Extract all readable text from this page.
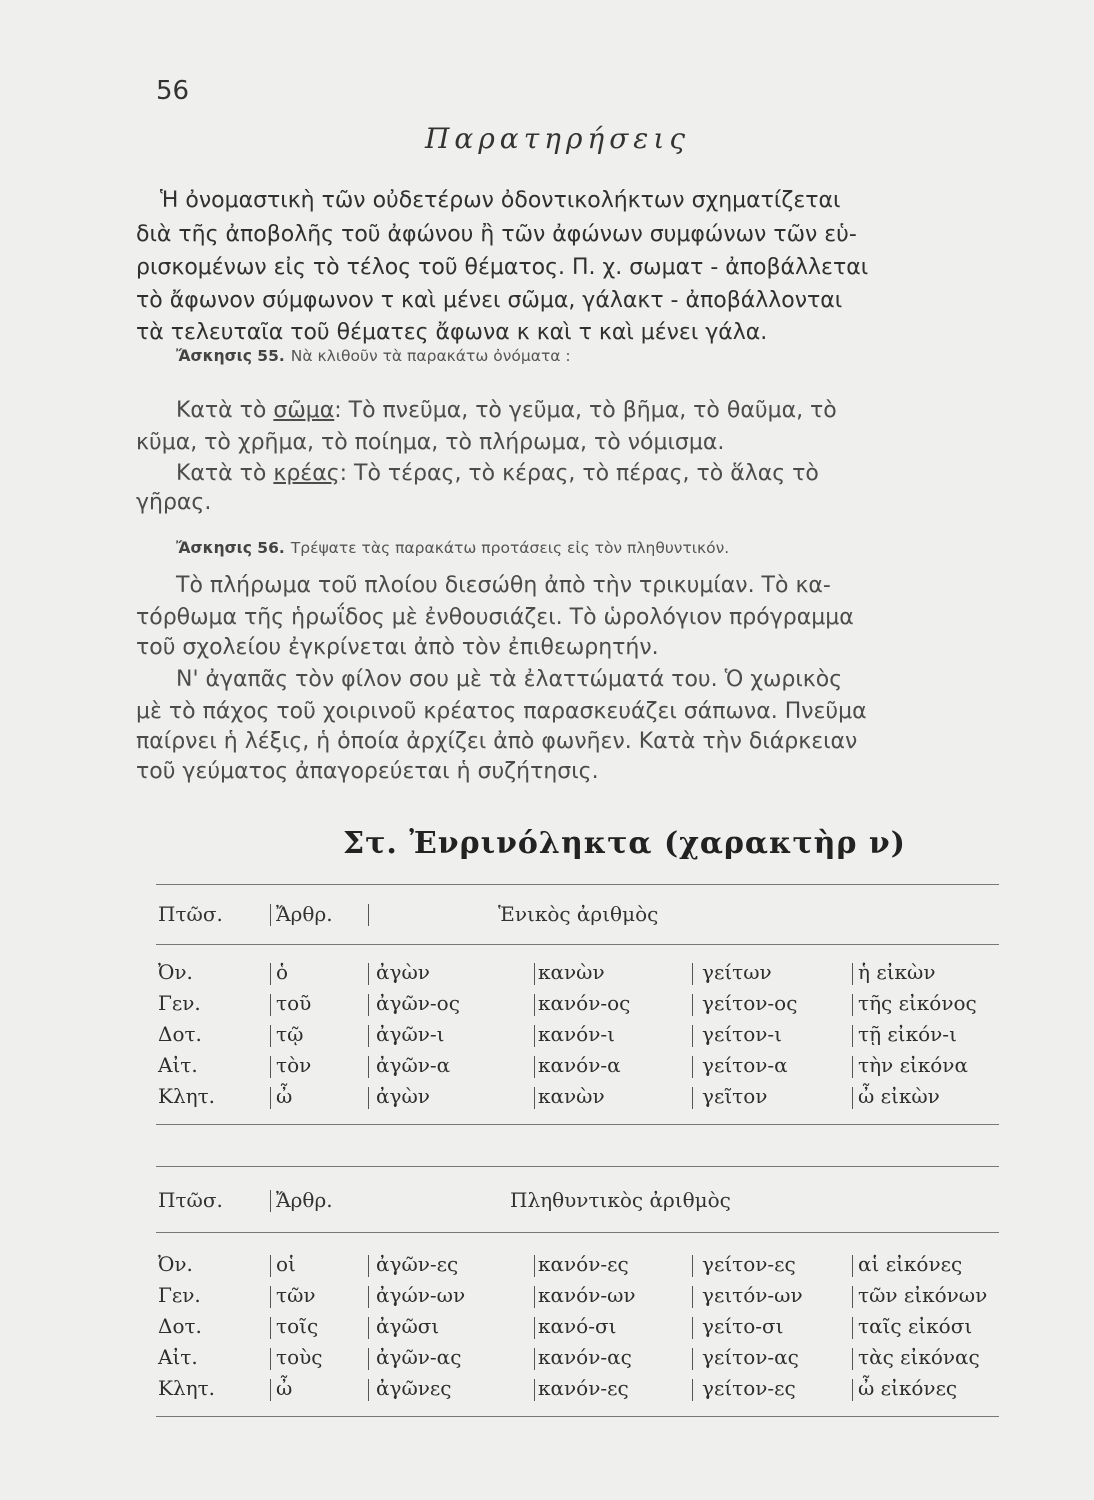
56
Παρατηρήσεις
Ἡ ὀνομαστικὴ τῶν οὐδετέρων ὀδοντικολήκτων σχηματίζεται
διὰ τῆς ἀποβολῆς τοῦ ἀφώνου ἢ τῶν ἀφώνων συμφώνων τῶν εὑ-
ρισκομένων εἰς τὸ τέλος τοῦ θέματος. Π. χ. σωματ - ἀποβάλλεται
τὸ ἄφωνον σύμφωνον τ καὶ μένει σῶμα, γάλακτ - ἀποβάλλονται
τὰ τελευταῖα τοῦ θέματες ἄφωνα κ καὶ τ καὶ μένει γάλα.
Ἄσκησις 55. Νὰ κλιθοῦν τὰ παρακάτω ὀνόματα :
Κατὰ τὸ σῶμα: Τὸ πνεῦμα, τὸ γεῦμα, τὸ βῆμα, τὸ θαῦμα, τὸ
κῦμα, τὸ χρῆμα, τὸ ποίημα, τὸ πλήρωμα, τὸ νόμισμα.
Κατὰ τὸ κρέας: Τὸ τέρας, τὸ κέρας, τὸ πέρας, τὸ ἅλας τὸ
γῆρας.
Ἄσκησις 56. Τρέψατε τὰς παρακάτω προτάσεις εἰς τὸν πληθυντικόν.
Τὸ πλήρωμα τοῦ πλοίου διεσώθη ἀπὸ τὴν τρικυμίαν. Τὸ κα-
τόρθωμα τῆς ἡρωΐδος μὲ ἐνθουσιάζει. Τὸ ὡρολόγιον πρόγραμμα
τοῦ σχολείου ἐγκρίνεται ἀπὸ τὸν ἐπιθεωρητήν.
Ν' ἀγαπᾶς τὸν φίλον σου μὲ τὰ ἐλαττώματά του. Ὁ χωρικὸς
μὲ τὸ πάχος τοῦ χοιρινοῦ κρέατος παρασκευάζει σάπωνα. Πνεῦμα
παίρνει ἡ λέξις, ἡ ὁποία ἀρχίζει ἀπὸ φωνῆεν. Κατὰ τὴν διάρκειαν
τοῦ γεύματος ἀπαγορεύεται ἡ συζήτησις.
Στ. Ἐνρινόληκτα (χαρακτὴρ ν)
Πτῶσ.	Ἄρθρ.	Ἑνικὸς ἀριθμὸς
Ὀν.	ὁ	ἀγὼν	κανὼν	γείτων	ἡ εἰκὼν
Γεν.	τοῦ	ἀγῶν-ος	κανόν-ος	γείτον-ος	τῆς εἰκόνος
Δοτ.	τῷ	ἀγῶν-ι	κανόν-ι	γείτον-ι	τῇ εἰκόν-ι
Αἰτ.	τὸν	ἀγῶν-α	κανόν-α	γείτον-α	τὴν εἰκόνα
Κλητ.	ὦ	ἀγὼν	κανὼν	γεῖτον	ὦ εἰκὼν
Πτῶσ.	Ἄρθρ.	Πληθυντικὸς ἀριθμὸς
Ὀν.	οἱ	ἀγῶν-ες	κανόν-ες	γείτον-ες	αἱ εἰκόνες
Γεν.	τῶν	ἀγών-ων	κανόν-ων	γειτόν-ων	τῶν εἰκόνων
Δοτ.	τοῖς	ἀγῶσι	κανό-σι	γείτο-σι	ταῖς εἰκόσι
Αἰτ.	τοὺς	ἀγῶν-ας	κανόν-ας	γείτον-ας	τὰς εἰκόνας
Κλητ.	ὦ	ἀγῶνες	κανόν-ες	γείτον-ες	ὦ εἰκόνες
